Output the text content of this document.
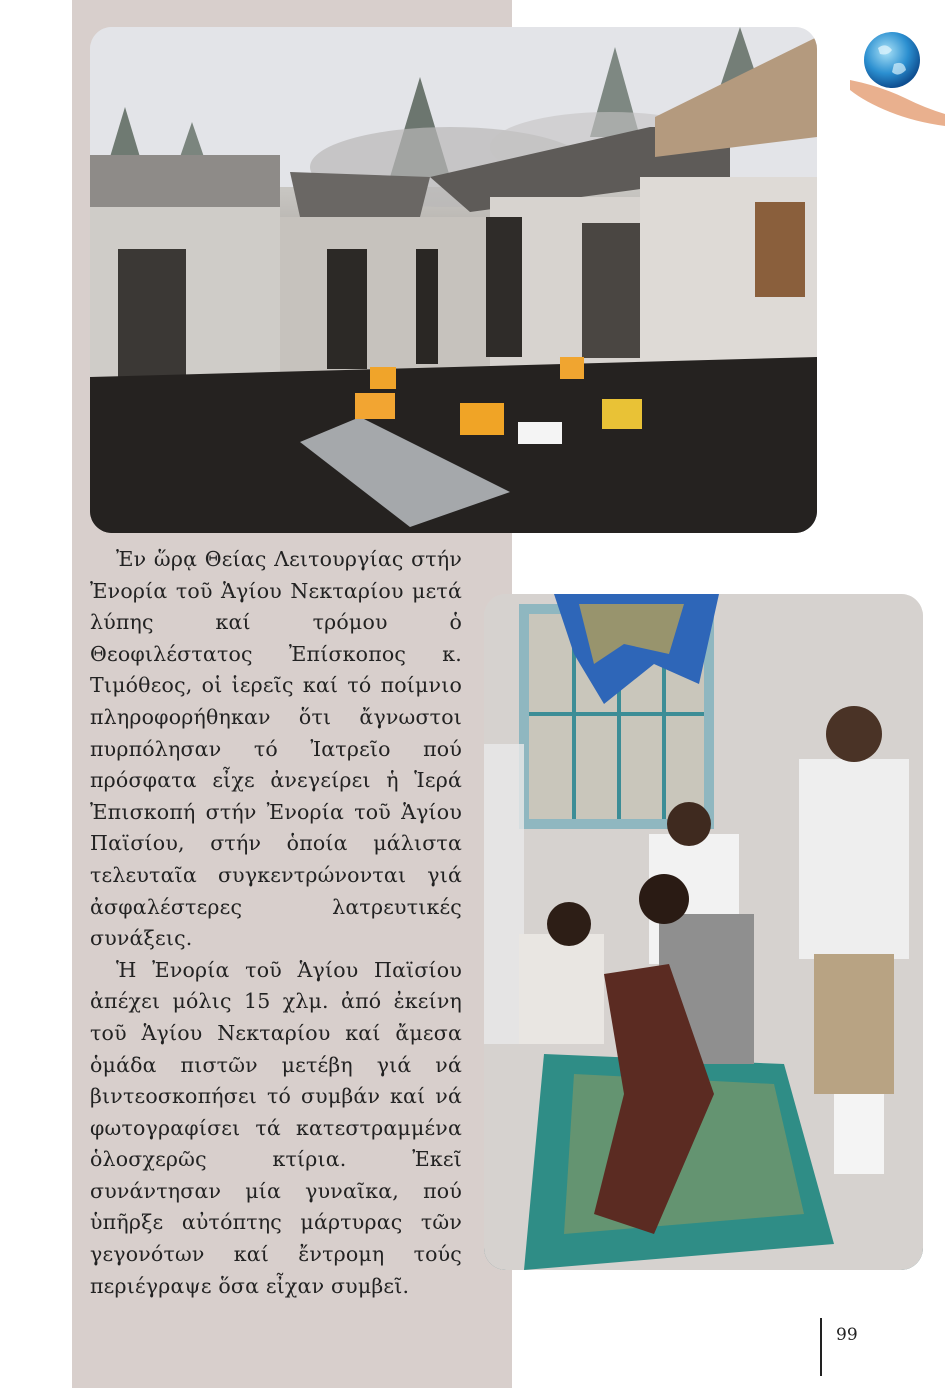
Ἐν ὥρᾳ Θείας Λειτουργίας στήν Ἐνορία τοῦ Ἁγίου Νεκταρίου μετά λύπης καί τρόμου ὁ Θεοφιλέστατος Ἐπίσκοπος κ. Τιμόθεος, οἱ ἱερεῖς καί τό ποίμνιο πληροφορήθηκαν ὅτι ἄγνωστοι πυρπόλησαν τό Ἰατρεῖο πού πρόσφατα εἶχε ἀνεγείρει ἡ Ἱερά Ἐπισκοπή στήν Ἐνορία τοῦ Ἁγίου Παϊσίου, στήν ὁποία μάλιστα τελευταῖα συγκεντρώνονται γιά ἀσφαλέστερες λατρευτικές συνάξεις.

Ἡ Ἐνορία τοῦ Ἁγίου Παϊσίου ἀπέχει μόλις 15 χλμ. ἀπό ἐκείνη τοῦ Ἁγίου Νεκταρίου καί ἄμεσα ὁμάδα πιστῶν μετέβη γιά νά βιντεοσκοπήσει τό συμβάν καί νά φωτογραφίσει τά κατεστραμμένα ὁλοσχερῶς κτίρια. Ἐκεῖ συνάντησαν μία γυναῖκα, πού ὑπῆρξε αὐτόπτης μάρτυρας τῶν γεγονότων καί ἔντρομη τούς περιέγραψε ὅσα εἶχαν συμβεῖ.

99
